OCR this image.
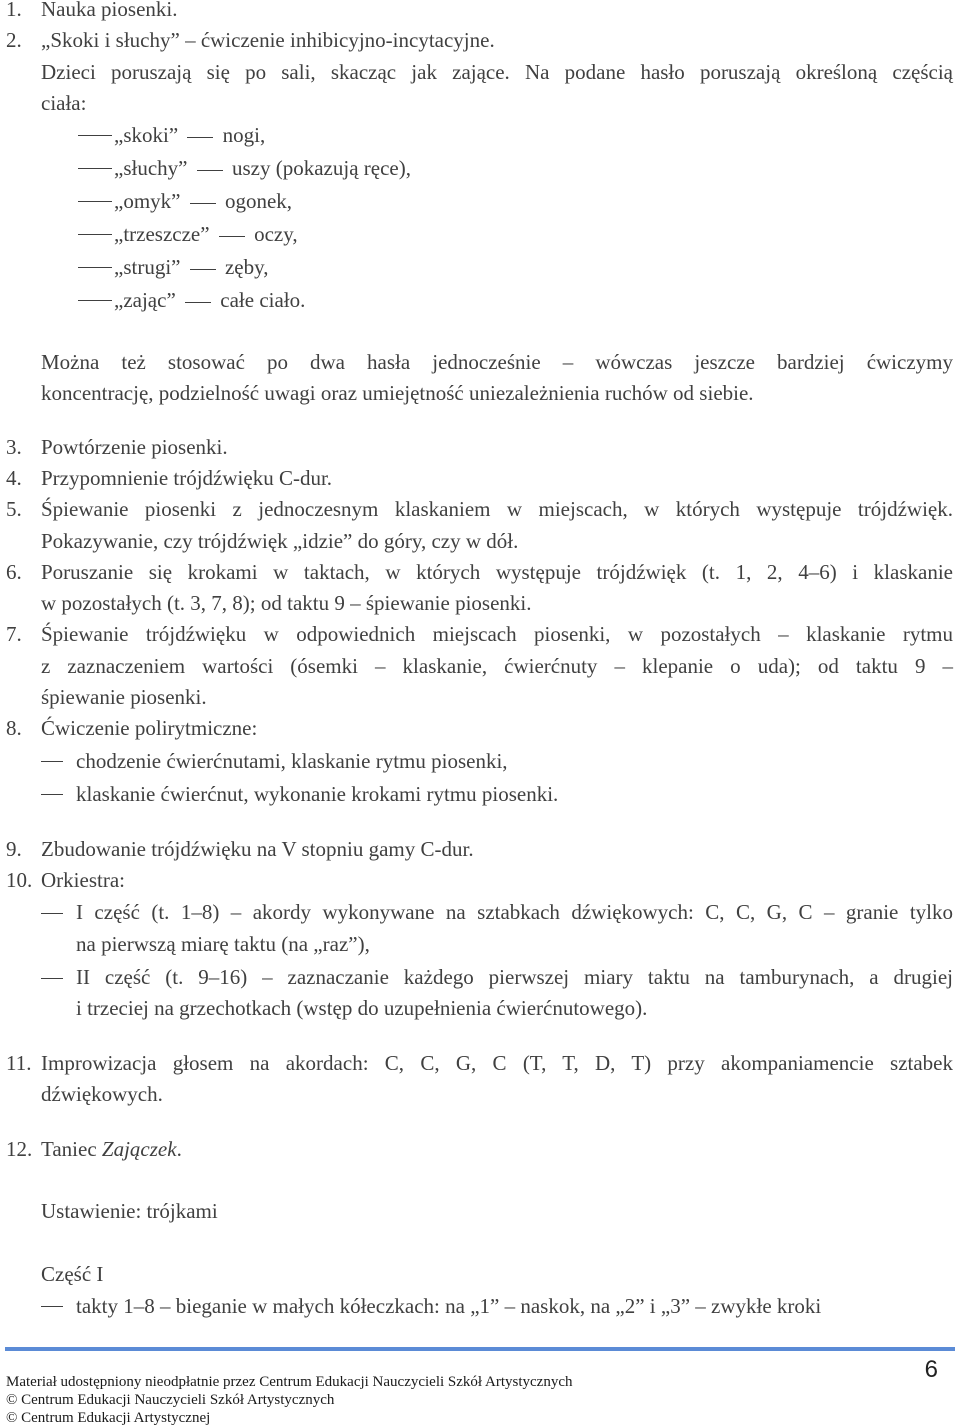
1. Nauka piosenki.
2. „Skoki i słuchy” – ćwiczenie inhibicyjno-incytacyjne.
Dzieci poruszają się po sali, skacząc jak zające. Na podane hasło poruszają określoną częścią
ciała:
„skoki” nogi,
„słuchy” uszy (pokazują ręce),
„omyk” ogonek,
„trzeszcze” oczy,
„strugi” zęby,
„zając” całe ciało.
Można też stosować po dwa hasła jednocześnie – wówczas jeszcze bardziej ćwiczymy
koncentrację, podzielność uwagi oraz umiejętność uniezależnienia ruchów od siebie.
3. Powtórzenie piosenki.
4. Przypomnienie trójdźwięku C-dur.
5. Śpiewanie piosenki z jednoczesnym klaskaniem w miejscach, w których występuje trójdźwięk.
Pokazywanie, czy trójdźwięk „idzie” do góry, czy w dół.
6. Poruszanie się krokami w taktach, w których występuje trójdźwięk (t. 1, 2, 4–6) i klaskanie
w pozostałych (t. 3, 7, 8); od taktu 9 – śpiewanie piosenki.
7. Śpiewanie trójdźwięku w odpowiednich miejscach piosenki, w pozostałych – klaskanie rytmu
z zaznaczeniem wartości (ósemki – klaskanie, ćwierćnuty – klepanie o uda); od taktu 9 –
śpiewanie piosenki.
8. Ćwiczenie polirytmiczne:
chodzenie ćwierćnutami, klaskanie rytmu piosenki,
klaskanie ćwierćnut, wykonanie krokami rytmu piosenki.
9. Zbudowanie trójdźwięku na V stopniu gamy C-dur.
10. Orkiestra:
I część (t. 1–8) – akordy wykonywane na sztabkach dźwiękowych: C, C, G, C – granie tylko
na pierwszą miarę taktu (na „raz”),
II część (t. 9–16) – zaznaczanie każdego pierwszej miary taktu na tamburynach, a drugiej
i trzeciej na grzechotkach (wstęp do uzupełnienia ćwierćnutowego).
11. Improwizacja głosem na akordach: C, C, G, C (T, T, D, T) przy akompaniamencie sztabek
dźwiękowych.
12. Taniec Zajączek.
Ustawienie: trójkami
Część I
takty 1–8 – bieganie w małych kółeczkach: na „1” – naskok, na „2” i „3” – zwykłe kroki
Materiał udostępniony nieodpłatnie przez Centrum Edukacji Nauczycieli Szkół Artystycznych
© Centrum Edukacji Nauczycieli Szkół Artystycznych
© Centrum Edukacji Artystycznej
6
